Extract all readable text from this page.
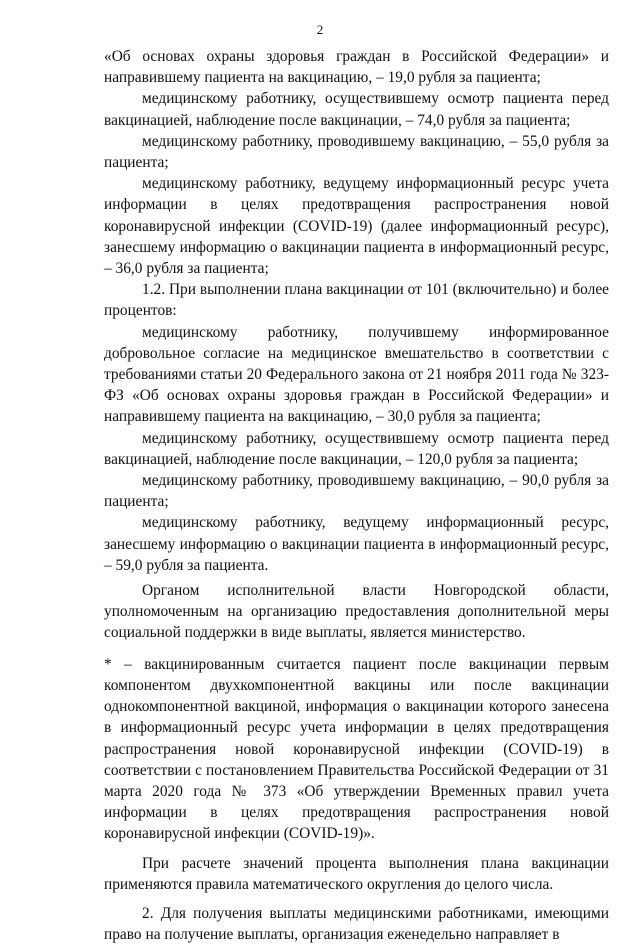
2

«Об основах охраны здоровья граждан в Российской Федерации» и направившему пациента на вакцинацию, – 19,0 рубля за пациента;

медицинскому работнику, осуществившему осмотр пациента перед вакцинацией, наблюдение после вакцинации, – 74,0 рубля за пациента;

медицинскому работнику, проводившему вакцинацию, – 55,0 рубля за пациента;

медицинскому работнику, ведущему информационный ресурс учета информации в целях предотвращения распространения новой коронавирусной инфекции (COVID-19) (далее информационный ресурс), занесшему информацию о вакцинации пациента в информационный ресурс, – 36,0 рубля за пациента;

1.2. При выполнении плана вакцинации от 101 (включительно) и более процентов:

медицинскому работнику, получившему информированное добровольное согласие на медицинское вмешательство в соответствии с требованиями статьи 20 Федерального закона от 21 ноября 2011 года № 323-ФЗ «Об основах охраны здоровья граждан в Российской Федерации» и направившему пациента на вакцинацию, – 30,0 рубля за пациента;

медицинскому работнику, осуществившему осмотр пациента перед вакцинацией, наблюдение после вакцинации, – 120,0 рубля за пациента;

медицинскому работнику, проводившему вакцинацию, – 90,0 рубля за пациента;

медицинскому работнику, ведущему информационный ресурс, занесшему информацию о вакцинации пациента в информационный ресурс, – 59,0 рубля за пациента.

Органом исполнительной власти Новгородской области, уполномоченным на организацию предоставления дополнительной меры социальной поддержки в виде выплаты, является министерство.

* – вакцинированным считается пациент после вакцинации первым компонентом двухкомпонентной вакцины или после вакцинации однокомпонентной вакциной, информация о вакцинации которого занесена в информационный ресурс учета информации в целях предотвращения распространения новой коронавирусной инфекции (COVID-19) в соответствии с постановлением Правительства Российской Федерации от 31 марта 2020 года № 373 «Об утверждении Временных правил учета информации в целях предотвращения распространения новой коронавирусной инфекции (COVID-19)».

При расчете значений процента выполнения плана вакцинации применяются правила математического округления до целого числа.

2. Для получения выплаты медицинскими работниками, имеющими право на получение выплаты, организация еженедельно направляет в
